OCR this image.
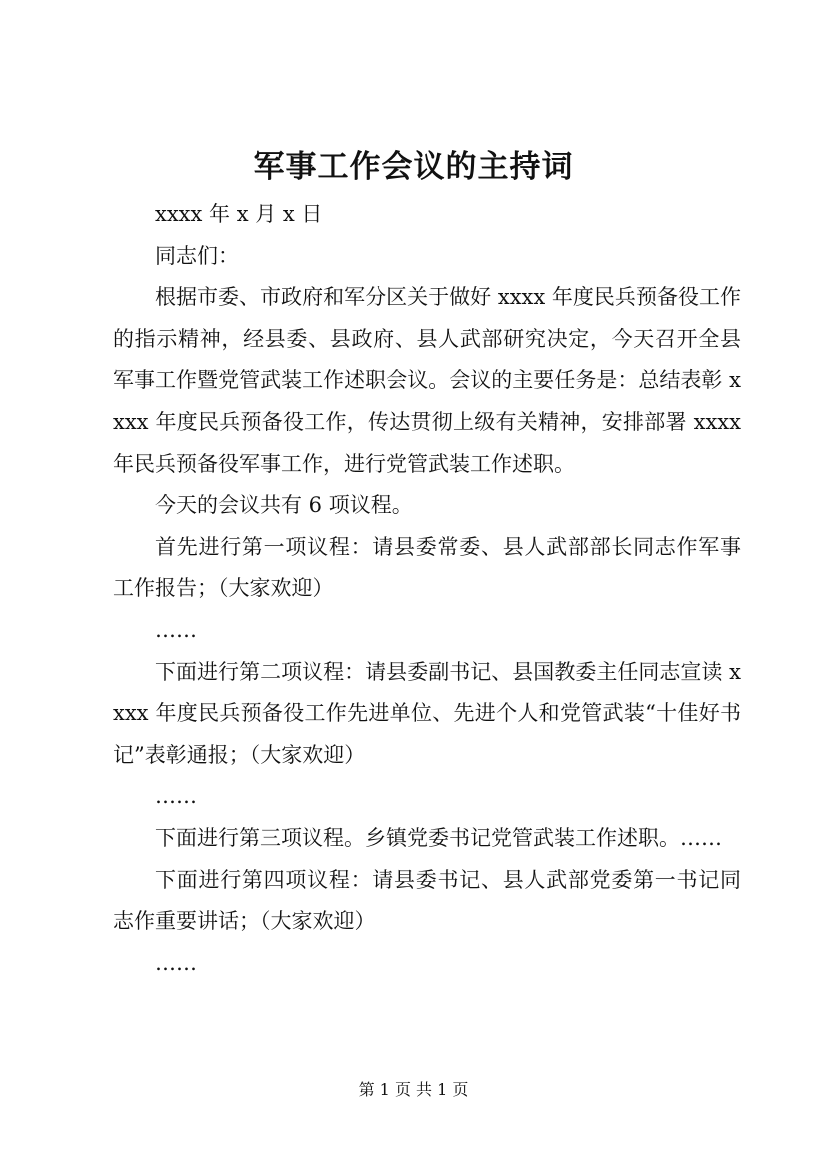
军事工作会议的主持词

xxxx 年 x 月 x 日

同志们：

根据市委、市政府和军分区关于做好 xxxx 年度民兵预备役工作的指示精神，经县委、县政府、县人武部研究决定，今天召开全县军事工作暨党管武装工作述职会议。会议的主要任务是：总结表彰 xxxx 年度民兵预备役工作，传达贯彻上级有关精神，安排部署 xxxx 年民兵预备役军事工作，进行党管武装工作述职。

今天的会议共有 6 项议程。

首先进行第一项议程：请县委常委、县人武部部长同志作军事工作报告；（大家欢迎）

……

下面进行第二项议程：请县委副书记、县国教委主任同志宣读 xxxx 年度民兵预备役工作先进单位、先进个人和党管武装“十佳好书记”表彰通报；（大家欢迎）

……

下面进行第三项议程。乡镇党委书记党管武装工作述职。……

下面进行第四项议程：请县委书记、县人武部党委第一书记同志作重要讲话；（大家欢迎）

……

第 1 页 共 1 页
